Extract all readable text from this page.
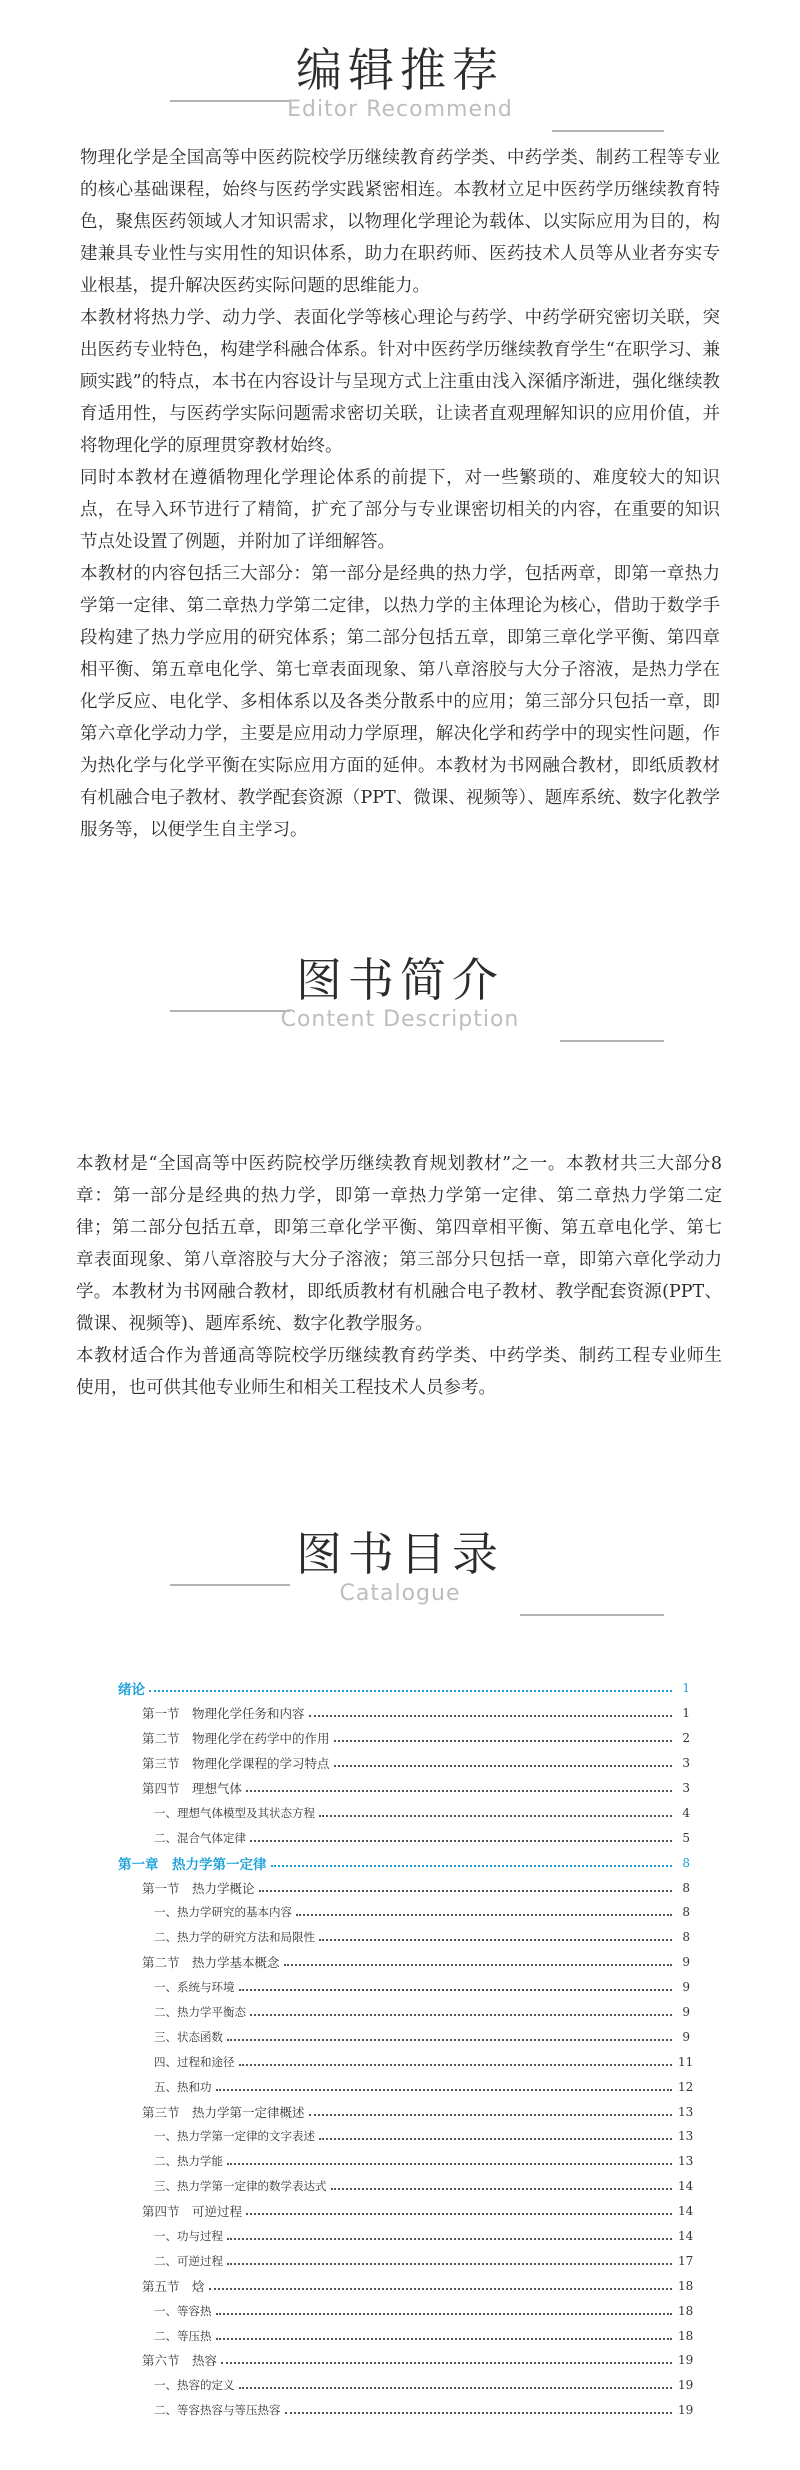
编辑推荐
Editor Recommend

物理化学是全国高等中医药院校学历继续教育药学类、中药学类、制药工程等专业的核心基础课程，始终与医药学实践紧密相连。本教材立足中医药学历继续教育特色，聚焦医药领域人才知识需求，以物理化学理论为载体、以实际应用为目的，构建兼具专业性与实用性的知识体系，助力在职药师、医药技术人员等从业者夯实专业根基，提升解决医药实际问题的思维能力。

本教材将热力学、动力学、表面化学等核心理论与药学、中药学研究密切关联，突出医药专业特色，构建学科融合体系。针对中医药学历继续教育学生“在职学习、兼顾实践”的特点，本书在内容设计与呈现方式上注重由浅入深循序渐进，强化继续教育适用性，与医药学实际问题需求密切关联，让读者直观理解知识的应用价值，并将物理化学的原理贯穿教材始终。

同时本教材在遵循物理化学理论体系的前提下，对一些繁琐的、难度较大的知识点，在导入环节进行了精简，扩充了部分与专业课密切相关的内容，在重要的知识节点处设置了例题，并附加了详细解答。

本教材的内容包括三大部分：第一部分是经典的热力学，包括两章，即第一章热力学第一定律、第二章热力学第二定律，以热力学的主体理论为核心，借助于数学手段构建了热力学应用的研究体系；第二部分包括五章，即第三章化学平衡、第四章相平衡、第五章电化学、第七章表面现象、第八章溶胶与大分子溶液，是热力学在化学反应、电化学、多相体系以及各类分散系中的应用；第三部分只包括一章，即第六章化学动力学，主要是应用动力学原理，解决化学和药学中的现实性问题，作为热化学与化学平衡在实际应用方面的延伸。本教材为书网融合教材，即纸质教材有机融合电子教材、教学配套资源（PPT、微课、视频等）、题库系统、数字化教学服务等，以便学生自主学习。

图书简介
Content Description

本教材是“全国高等中医药院校学历继续教育规划教材”之一。本教材共三大部分8章：第一部分是经典的热力学，即第一章热力学第一定律、第二章热力学第二定律；第二部分包括五章，即第三章化学平衡、第四章相平衡、第五章电化学、第七章表面现象、第八章溶胶与大分子溶液；第三部分只包括一章，即第六章化学动力学。本教材为书网融合教材，即纸质教材有机融合电子教材、教学配套资源(PPT、微课、视频等)、题库系统、数字化教学服务。

本教材适合作为普通高等院校学历继续教育药学类、中药学类、制药工程专业师生使用，也可供其他专业师生和相关工程技术人员参考。

图书目录
Catalogue
绪论	1
第一节　物理化学任务和内容	1
第二节　物理化学在药学中的作用	2
第三节　物理化学课程的学习特点	3
第四节　理想气体	3
一、理想气体模型及其状态方程	4
二、混合气体定律	5
第一章　热力学第一定律	8
第一节　热力学概论	8
一、热力学研究的基本内容	8
二、热力学的研究方法和局限性	8
第二节　热力学基本概念	9
一、系统与环境	9
二、热力学平衡态	9
三、状态函数	9
四、过程和途径	11
五、热和功	12
第三节　热力学第一定律概述	13
一、热力学第一定律的文字表述	13
二、热力学能	13
三、热力学第一定律的数学表达式	14
第四节　可逆过程	14
一、功与过程	14
二、可逆过程	17
第五节　焓	18
一、等容热	18
二、等压热	18
第六节　热容	19
一、热容的定义	19
二、等容热容与等压热容	19
